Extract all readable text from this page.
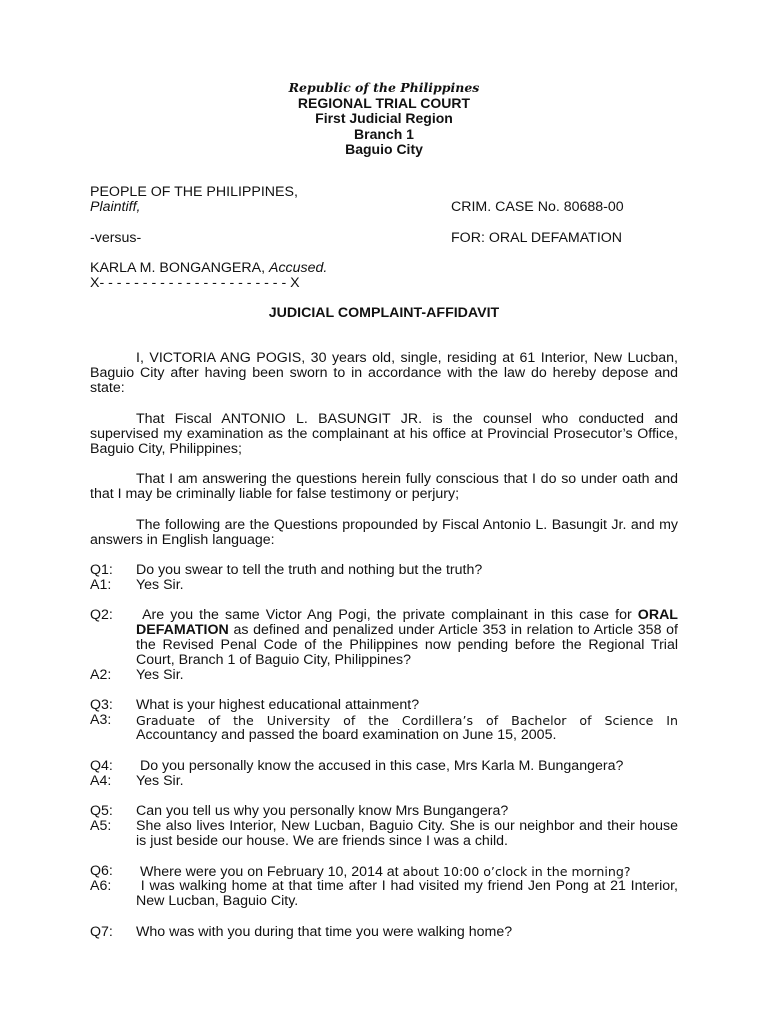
Republic of the Philippines
REGIONAL TRIAL COURT
First Judicial Region
Branch 1
Baguio City
PEOPLE OF THE PHILIPPINES,
Plaintiff,	CRIM. CASE No. 80688-00
-versus-	FOR: ORAL DEFAMATION
KARLA M. BONGANGERA, Accused.
X- - - - - - - - - - - - - - - - - - - - - - X
JUDICIAL COMPLAINT-AFFIDAVIT
I, VICTORIA ANG POGIS, 30 years old, single, residing at 61 Interior, New Lucban, Baguio City after having been sworn to in accordance with the law do hereby depose and state:
That Fiscal ANTONIO L. BASUNGIT JR. is the counsel who conducted and supervised my examination as the complainant at his office at Provincial Prosecutor’s Office, Baguio City, Philippines;
That I am answering the questions herein fully conscious that I do so under oath and that I may be criminally liable for false testimony or perjury;
The following are the Questions propounded by Fiscal Antonio L. Basungit Jr. and my answers in English language:
Q1:	Do you swear to tell the truth and nothing but the truth?
A1:	Yes Sir.
Q2:	Are you the same Victor Ang Pogi, the private complainant in this case for ORAL DEFAMATION as defined and penalized under Article 353 in relation to Article 358 of the Revised Penal Code of the Philippines now pending before the Regional Trial Court, Branch 1 of Baguio City, Philippines?
A2:	Yes Sir.
Q3:	What is your highest educational attainment?
A3:	Graduate of the University of the Cordillera’s of Bachelor of Science In
Accountancy and passed the board examination on June 15, 2005.
Q4:	Do you personally know the accused in this case, Mrs Karla M. Bungangera?
A4:	Yes Sir.
Q5:	Can you tell us why you personally know Mrs Bungangera?
A5:	She also lives Interior, New Lucban, Baguio City. She is our neighbor and their house is just beside our house. We are friends since I was a child.
Q6:	Where were you on February 10, 2014 at about 10:00 o’clock in the morning?
A6:	I was walking home at that time after I had visited my friend Jen Pong at 21 Interior, New Lucban, Baguio City.
Q7:	Who was with you during that time you were walking home?
